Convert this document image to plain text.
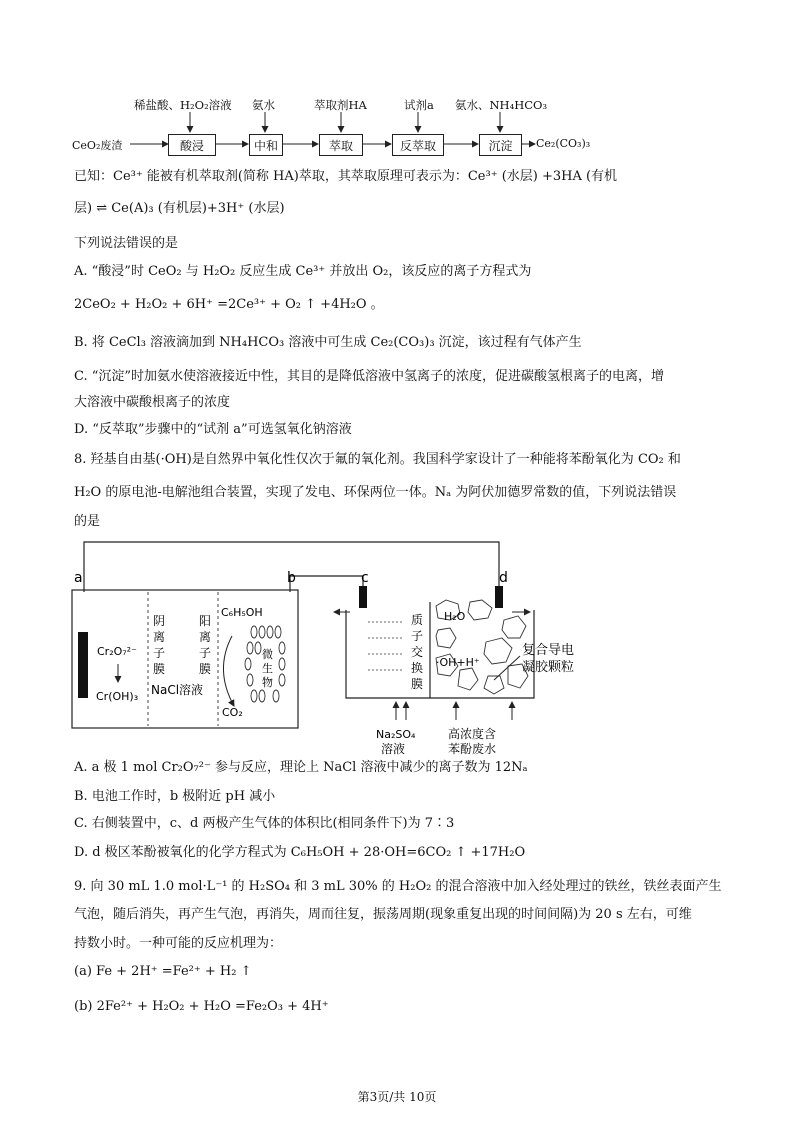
CeO₂废渣	酸浸	中和	萃取	反萃取	沉淀	Ce₂(CO₃)₃
稀盐酸、H₂O₂溶液 氨水	萃取剂HA	试剂a 氨水、NH₄HCO₃
已知：Ce³⁺ 能被有机萃取剂(简称 HA)萃取，其萃取原理可表示为：Ce³⁺ (水层) +3HA (有机
层) ⇌ Ce(A)₃ (有机层)+3H⁺ (水层)
下列说法错误的是
A. “酸浸”时 CeO₂ 与 H₂O₂ 反应生成 Ce³⁺ 并放出 O₂，该反应的离子方程式为
2CeO₂ + H₂O₂ + 6H⁺ =2Ce³⁺ + O₂ ↑ +4H₂O 。
B. 将 CeCl₃ 溶液滴加到 NH₄HCO₃ 溶液中可生成 Ce₂(CO₃)₃ 沉淀，该过程有气体产生
C. “沉淀”时加氨水使溶液接近中性，其目的是降低溶液中氢离子的浓度，促进碳酸氢根离子的电离，增
大溶液中碳酸根离子的浓度
D. “反萃取”步骤中的“试剂 a”可选氢氧化钠溶液
8. 羟基自由基(·OH)是自然界中氧化性仅次于氟的氧化剂。我国科学家设计了一种能将苯酚氧化为 CO₂ 和
H₂O 的原电池-电解池组合装置，实现了发电、环保两位一体。Nₐ 为阿伏加德罗常数的值，下列说法错误
的是
a	b
Cr₂O₇²⁻
Cr(OH)₃
阴
离
子
膜
阳
离
子
膜
NaCl溶液
C₆H₅OH
微
生
物
CO₂
c	d
质
子
交
换
膜
H₂O
·OH+H⁺
复合导电
凝胶颗粒
Na₂SO₄
溶液
高浓度含
苯酚废水
A. a 极 1 mol Cr₂O₇²⁻ 参与反应，理论上 NaCl 溶液中减少的离子数为 12Nₐ
B. 电池工作时，b 极附近 pH 减小
C. 右侧装置中，c、d 两极产生气体的体积比(相同条件下)为 7∶3
D. d 极区苯酚被氧化的化学方程式为 C₆H₅OH + 28·OH=6CO₂ ↑ +17H₂O
9. 向 30 mL 1.0 mol·L⁻¹ 的 H₂SO₄ 和 3 mL 30% 的 H₂O₂ 的混合溶液中加入经处理过的铁丝，铁丝表面产生
气泡，随后消失，再产生气泡，再消失，周而往复，振荡周期(现象重复出现的时间间隔)为 20 s 左右，可维
持数小时。一种可能的反应机理为：
(a) Fe + 2H⁺ =Fe²⁺ + H₂ ↑
(b) 2Fe²⁺ + H₂O₂ + H₂O =Fe₂O₃ + 4H⁺
第3页/共 10页
